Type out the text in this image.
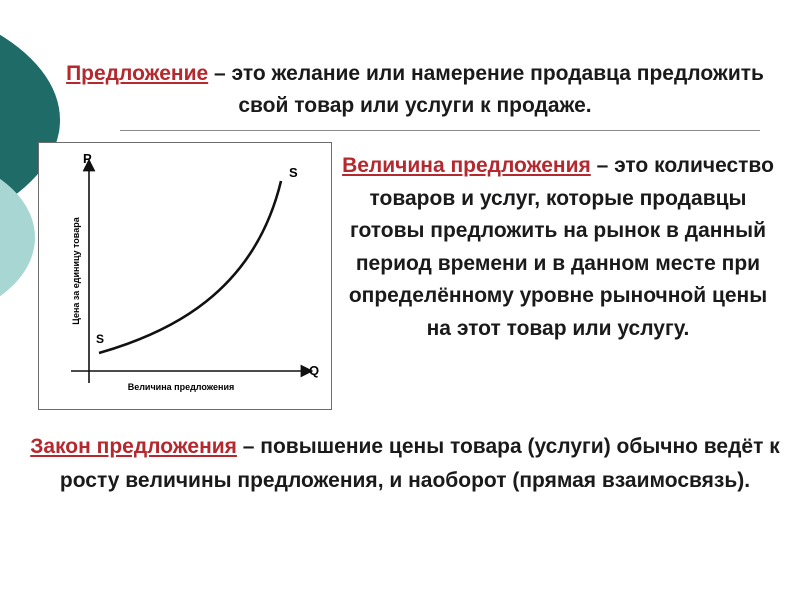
Предложение – это желание или намерение продавца предложить свой товар или услуги к продаже.
P
Q
S
S
Цена за единицу товара
Величина предложения
Величина предложения – это количество товаров и услуг, которые продавцы готовы предложить на рынок в данный период времени и в данном месте при определённому уровне рыночной цены на этот товар или услугу.
Закон предложения – повышение цены товара (услуги) обычно ведёт к росту величины предложения, и наоборот (прямая взаимосвязь).
